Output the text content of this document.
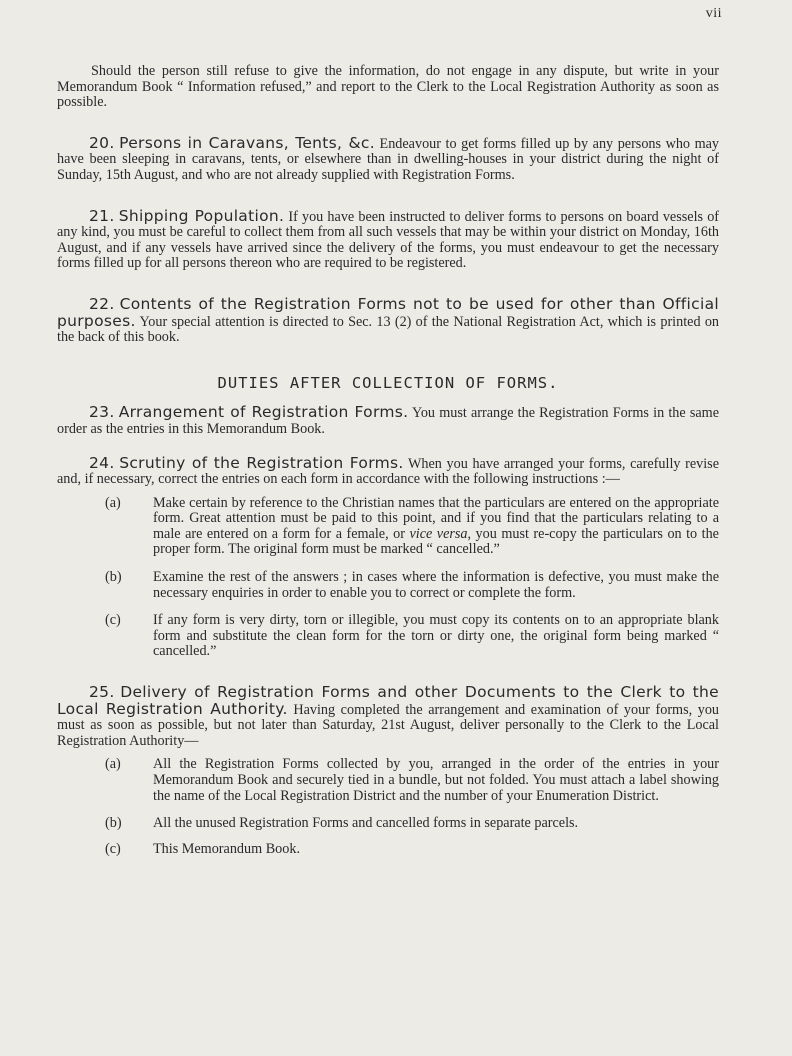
vii

Should the person still refuse to give the information, do not engage in any dispute, but write in your Memorandum Book “ Information refused,” and report to the Clerk to the Local Registration Authority as soon as possible.

20. Persons in Caravans, Tents, &c. Endeavour to get forms filled up by any persons who may have been sleeping in caravans, tents, or elsewhere than in dwelling-houses in your district during the night of Sunday, 15th August, and who are not already supplied with Registration Forms.

21. Shipping Population. If you have been instructed to deliver forms to persons on board vessels of any kind, you must be careful to collect them from all such vessels that may be within your district on Monday, 16th August, and if any vessels have arrived since the delivery of the forms, you must endeavour to get the necessary forms filled up for all persons thereon who are required to be registered.

22. Contents of the Registration Forms not to be used for other than Official purposes. Your special attention is directed to Sec. 13 (2) of the National Registration Act, which is printed on the back of this book.

DUTIES AFTER COLLECTION OF FORMS.

23. Arrangement of Registration Forms. You must arrange the Registration Forms in the same order as the entries in this Memorandum Book.

24. Scrutiny of the Registration Forms. When you have arranged your forms, carefully revise and, if necessary, correct the entries on each form in accordance with the following instructions :—
(a) Make certain by reference to the Christian names that the particulars are entered on the appropriate form. Great attention must be paid to this point, and if you find that the particulars relating to a male are entered on a form for a female, or vice versa, you must re-copy the particulars on to the proper form. The original form must be marked “ cancelled.”
(b) Examine the rest of the answers ; in cases where the information is defective, you must make the necessary enquiries in order to enable you to correct or complete the form.
(c) If any form is very dirty, torn or illegible, you must copy its contents on to an appropriate blank form and substitute the clean form for the torn or dirty one, the original form being marked “ cancelled.”
25. Delivery of Registration Forms and other Documents to the Clerk to the Local Registration Authority. Having completed the arrangement and examination of your forms, you must as soon as possible, but not later than Saturday, 21st August, deliver personally to the Clerk to the Local Registration Authority—
(a) All the Registration Forms collected by you, arranged in the order of the entries in your Memorandum Book and securely tied in a bundle, but not folded. You must attach a label showing the name of the Local Registration District and the number of your Enumeration District.
(b) All the unused Registration Forms and cancelled forms in separate parcels.
(c) This Memorandum Book.
